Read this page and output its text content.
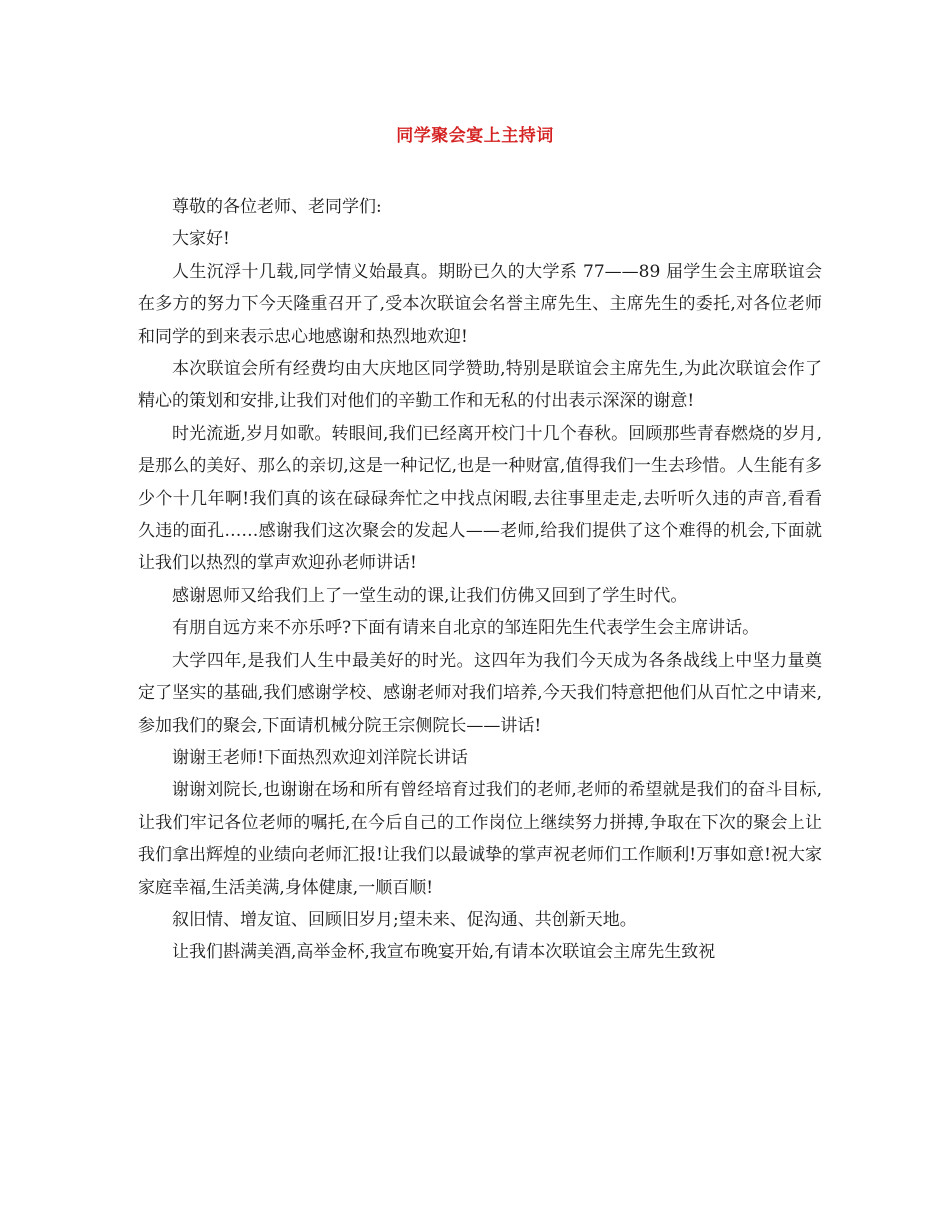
同学聚会宴上主持词

尊敬的各位老师、老同学们:

大家好!

人生沉浮十几载,同学情义始最真。期盼已久的大学系 77——89 届学生会主席联谊会在多方的努力下今天隆重召开了,受本次联谊会名誉主席先生、主席先生的委托,对各位老师和同学的到来表示忠心地感谢和热烈地欢迎!

本次联谊会所有经费均由大庆地区同学赞助,特别是联谊会主席先生,为此次联谊会作了精心的策划和安排,让我们对他们的辛勤工作和无私的付出表示深深的谢意!

时光流逝,岁月如歌。转眼间,我们已经离开校门十几个春秋。回顾那些青春燃烧的岁月,是那么的美好、那么的亲切,这是一种记忆,也是一种财富,值得我们一生去珍惜。人生能有多少个十几年啊!我们真的该在碌碌奔忙之中找点闲暇,去往事里走走,去听听久违的声音,看看久违的面孔……感谢我们这次聚会的发起人——老师,给我们提供了这个难得的机会,下面就让我们以热烈的掌声欢迎孙老师讲话!

感谢恩师又给我们上了一堂生动的课,让我们仿佛又回到了学生时代。

有朋自远方来不亦乐呼?下面有请来自北京的邹连阳先生代表学生会主席讲话。

大学四年,是我们人生中最美好的时光。这四年为我们今天成为各条战线上中坚力量奠定了坚实的基础,我们感谢学校、感谢老师对我们培养,今天我们特意把他们从百忙之中请来,参加我们的聚会,下面请机械分院王宗侧院长——讲话!

谢谢王老师!下面热烈欢迎刘洋院长讲话

谢谢刘院长,也谢谢在场和所有曾经培育过我们的老师,老师的希望就是我们的奋斗目标,让我们牢记各位老师的嘱托,在今后自己的工作岗位上继续努力拼搏,争取在下次的聚会上让我们拿出辉煌的业绩向老师汇报!让我们以最诚挚的掌声祝老师们工作顺利!万事如意!祝大家家庭幸福,生活美满,身体健康,一顺百顺!

叙旧情、增友谊、回顾旧岁月;望未来、促沟通、共创新天地。

让我们斟满美酒,高举金杯,我宣布晚宴开始,有请本次联谊会主席先生致祝
